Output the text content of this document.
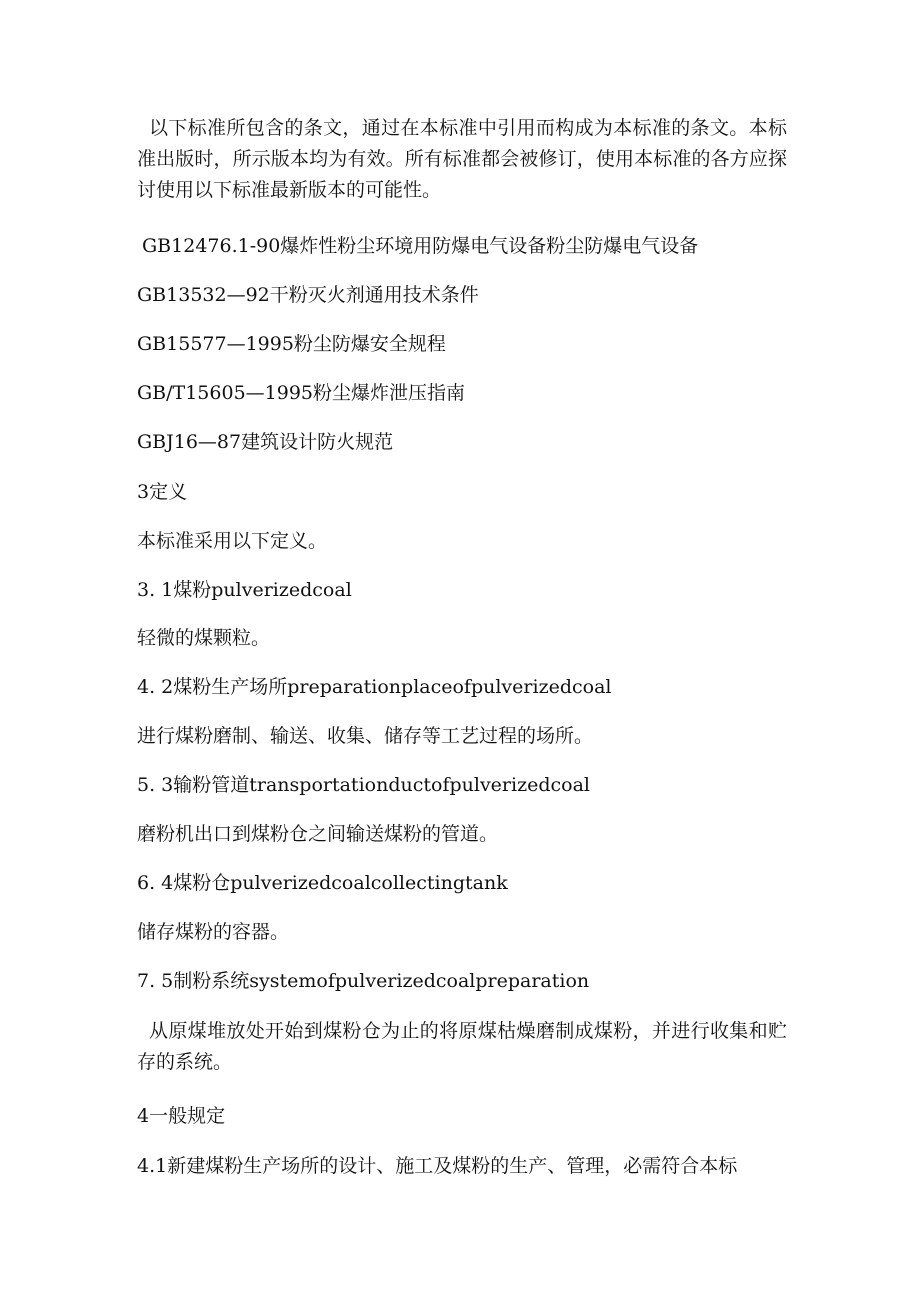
以下标准所包含的条文，通过在本标准中引用而构成为本标准的条文。本标准出版时，所示版本均为有效。所有标准都会被修订，使用本标准的各方应探讨使用以下标准最新版本的可能性。
GB12476.1-90爆炸性粉尘环境用防爆电气设备粉尘防爆电气设备
GB13532—92干粉灭火剂通用技术条件
GB15577—1995粉尘防爆安全规程
GB/T15605—1995粉尘爆炸泄压指南
GBJ16—87建筑设计防火规范
3定义
本标准采用以下定义。
3. 1煤粉pulverizedcoal
轻微的煤颗粒。
4. 2煤粉生产场所preparationplaceofpulverizedcoal
进行煤粉磨制、输送、收集、储存等工艺过程的场所。
5. 3输粉管道transportationductofpulverizedcoal
磨粉机出口到煤粉仓之间输送煤粉的管道。
6. 4煤粉仓pulverizedcoalcollectingtank
储存煤粉的容器。
7. 5制粉系统systemofpulverizedcoalpreparation
从原煤堆放处开始到煤粉仓为止的将原煤枯燥磨制成煤粉，并进行收集和贮存的系统。
4一般规定
4.1新建煤粉生产场所的设计、施工及煤粉的生产、管理，必需符合本标
